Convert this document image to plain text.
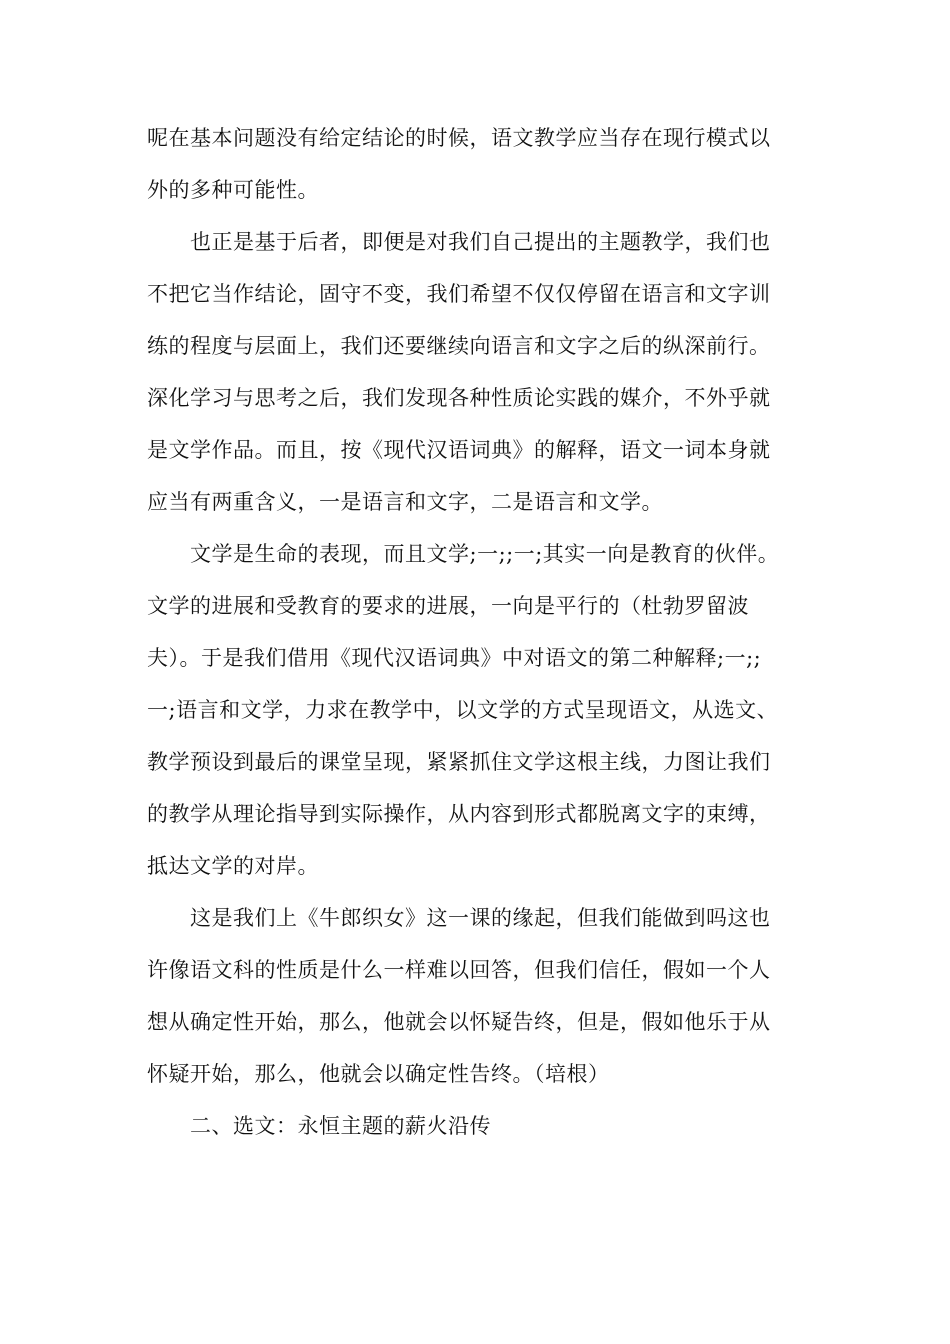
呢在基本问题没有给定结论的时候，语文教学应当存在现行模式以
外的多种可能性。
也正是基于后者，即便是对我们自己提出的主题教学，我们也
不把它当作结论，固守不变，我们希望不仅仅停留在语言和文字训
练的程度与层面上，我们还要继续向语言和文字之后的纵深前行。
深化学习与思考之后，我们发现各种性质论实践的媒介，不外乎就
是文学作品。而且，按《现代汉语词典》的解释，语文一词本身就
应当有两重含义，一是语言和文字，二是语言和文学。
文学是生命的表现，而且文学;一;;一;其实一向是教育的伙伴。
文学的进展和受教育的要求的进展，一向是平行的（杜勃罗留波
夫）。于是我们借用《现代汉语词典》中对语文的第二种解释;一;;
一;语言和文学，力求在教学中，以文学的方式呈现语文，从选文、
教学预设到最后的课堂呈现，紧紧抓住文学这根主线，力图让我们
的教学从理论指导到实际操作，从内容到形式都脱离文字的束缚，
抵达文学的对岸。
这是我们上《牛郎织女》这一课的缘起，但我们能做到吗这也
许像语文科的性质是什么一样难以回答，但我们信任，假如一个人
想从确定性开始，那么，他就会以怀疑告终，但是，假如他乐于从
怀疑开始，那么，他就会以确定性告终。（培根）
二、选文：永恒主题的薪火沿传
